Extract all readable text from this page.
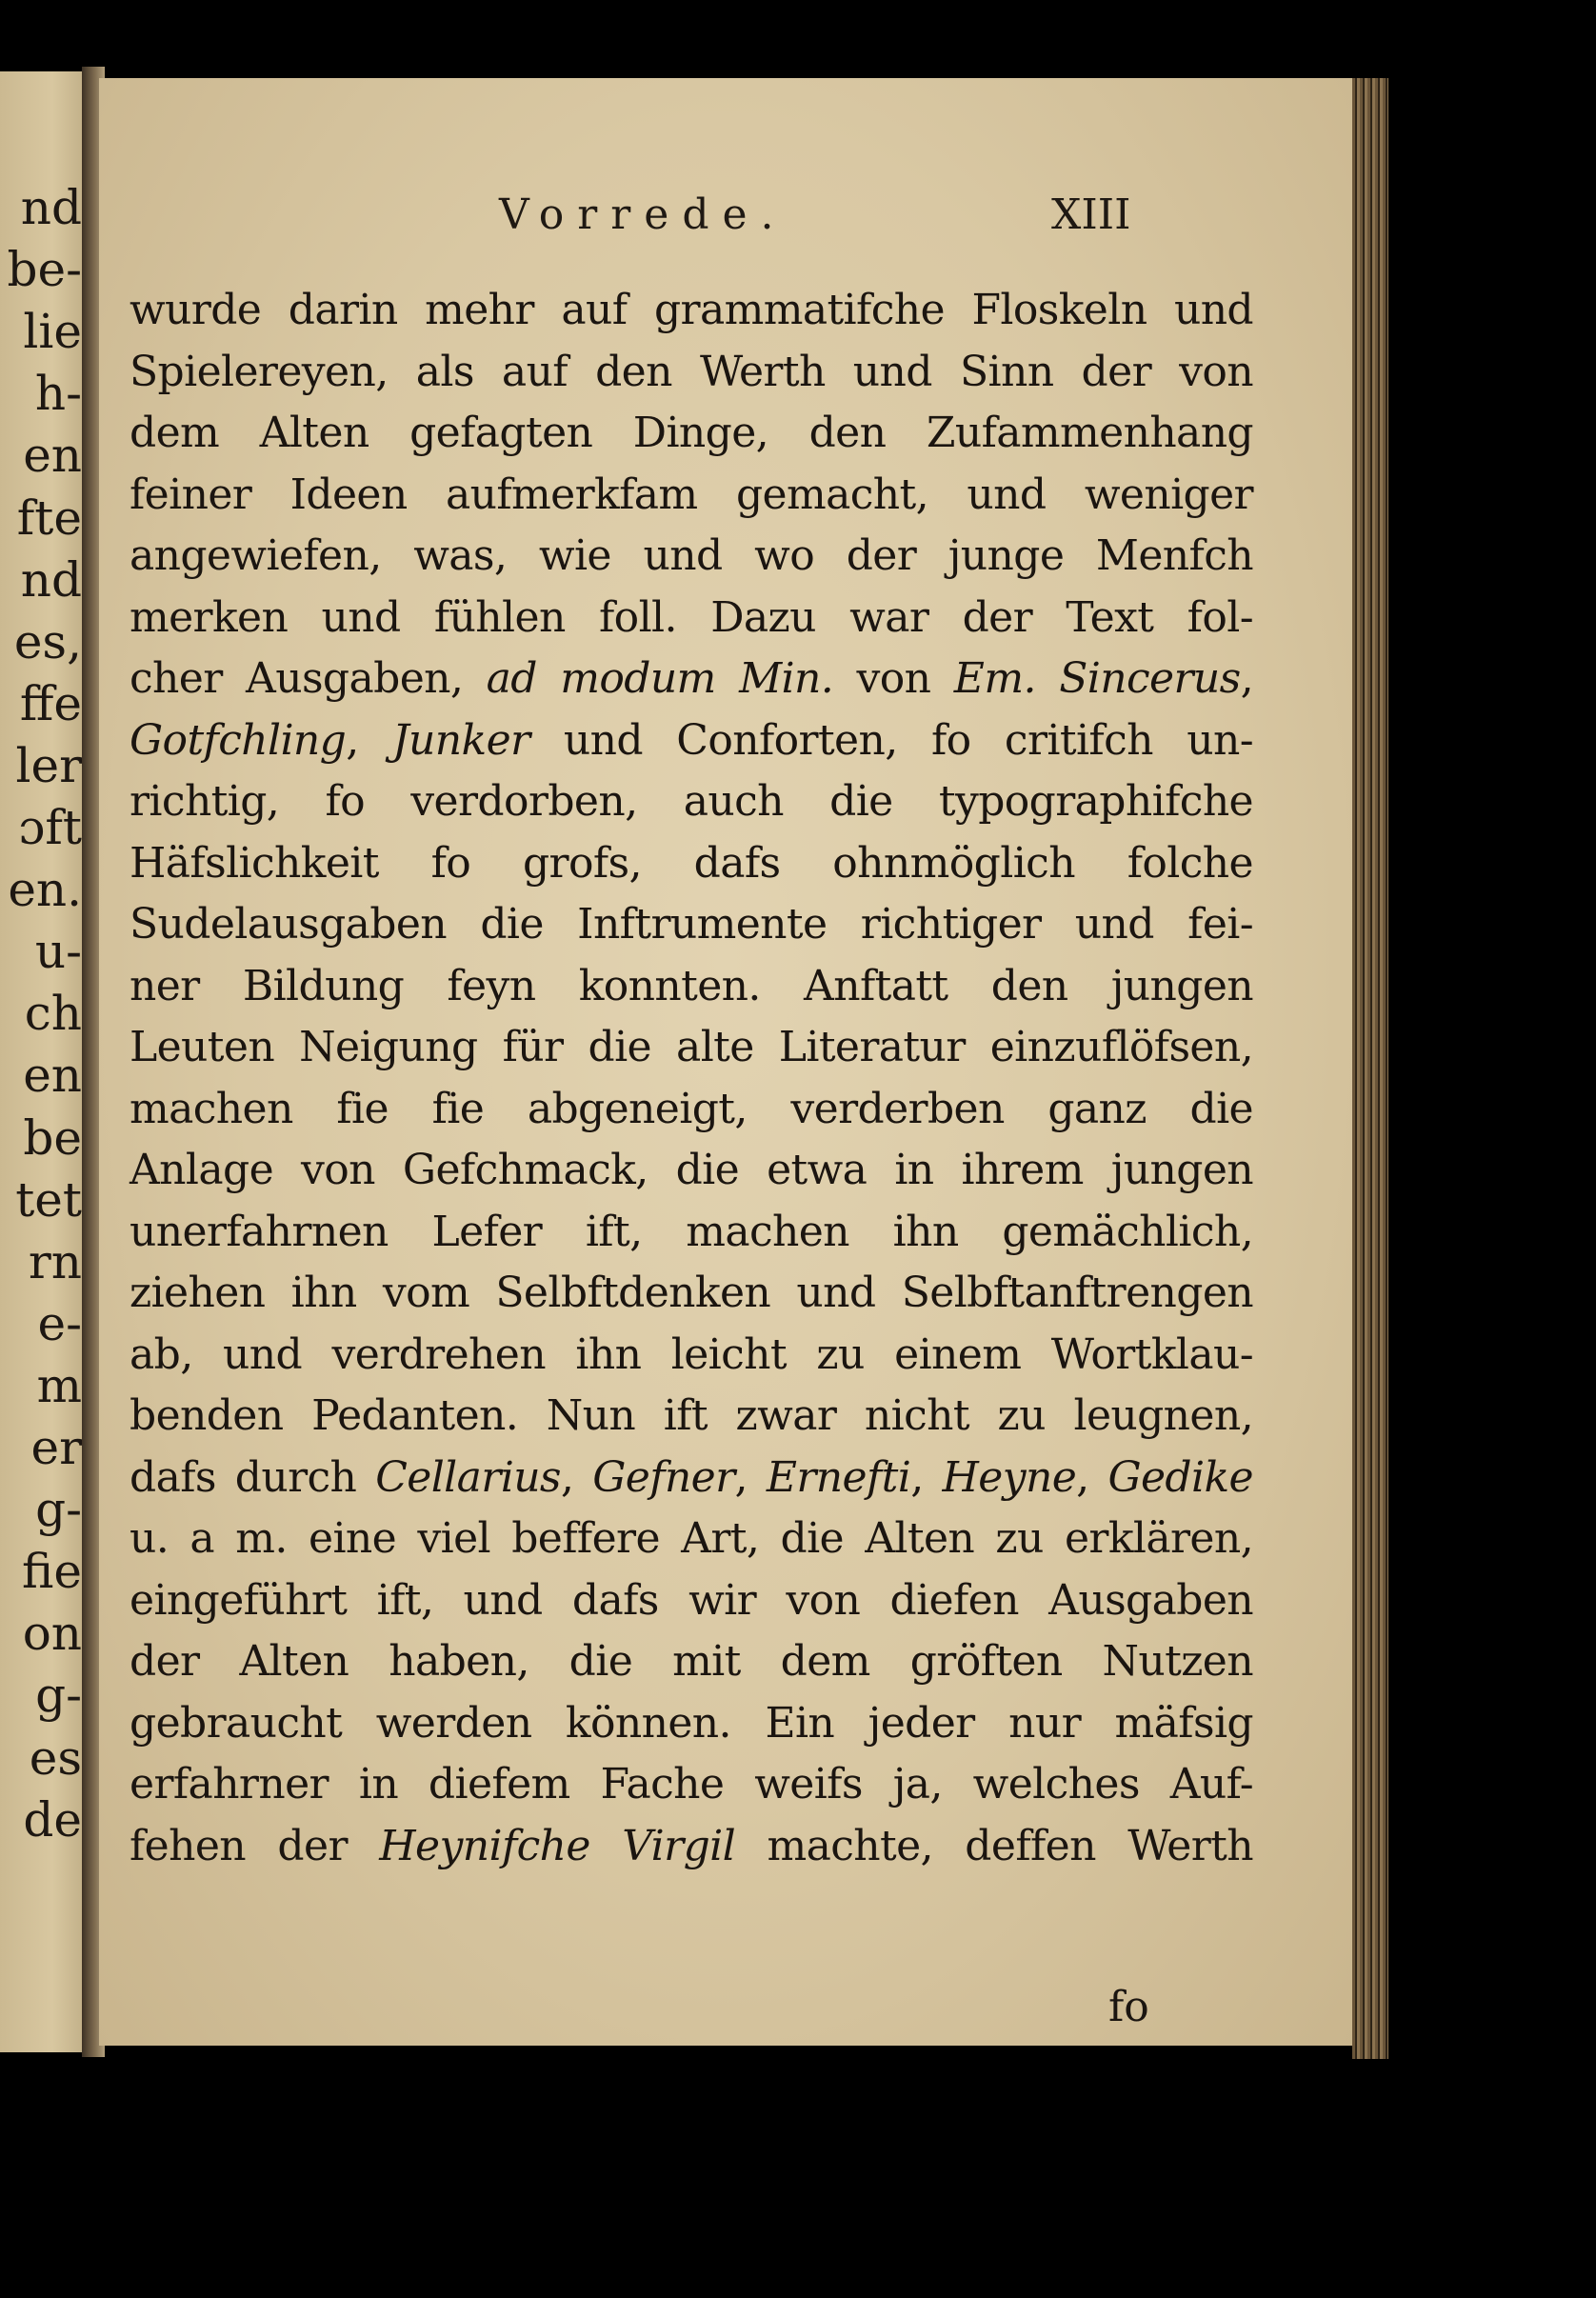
nd
be-
lie
h-
en
fte
nd
es,
ffe
ler
ɔft
en.
u-
ch
en
be
tet
rn
e-
m
er
g-
fie
on
g-
es
de
Vorrede.	XIII
wurde darin mehr auf grammatifche Floskeln und
Spielereyen, als auf den Werth und Sinn der von
dem Alten gefagten Dinge, den Zufammenhang
feiner Ideen aufmerkfam gemacht, und weniger
angewiefen, was, wie und wo der junge Menfch
merken und fühlen foll. Dazu war der Text fol-
cher Ausgaben, ad modum Min. von Em. Sincerus,
Gotfchling, Junker und Conforten, fo critifch un-
richtig, fo verdorben, auch die typographifche
Häfslichkeit fo grofs, dafs ohnmöglich folche
Sudelausgaben die Inftrumente richtiger und fei-
ner Bildung feyn konnten. Anftatt den jungen
Leuten Neigung für die alte Literatur einzuflöfsen,
machen fie fie abgeneigt, verderben ganz die
Anlage von Gefchmack, die etwa in ihrem jungen
unerfahrnen Lefer ift, machen ihn gemächlich,
ziehen ihn vom Selbftdenken und Selbftanftrengen
ab, und verdrehen ihn leicht zu einem Wortklau-
benden Pedanten. Nun ift zwar nicht zu leugnen,
dafs durch Cellarius, Gefner, Ernefti, Heyne, Gedike
u. a m. eine viel beffere Art, die Alten zu erklären,
eingeführt ift, und dafs wir von diefen Ausgaben
der Alten haben, die mit dem gröften Nutzen
gebraucht werden können. Ein jeder nur mäfsig
erfahrner in diefem Fache weifs ja, welches Auf-
fehen der Heynifche Virgil machte, deffen Werth
fo
